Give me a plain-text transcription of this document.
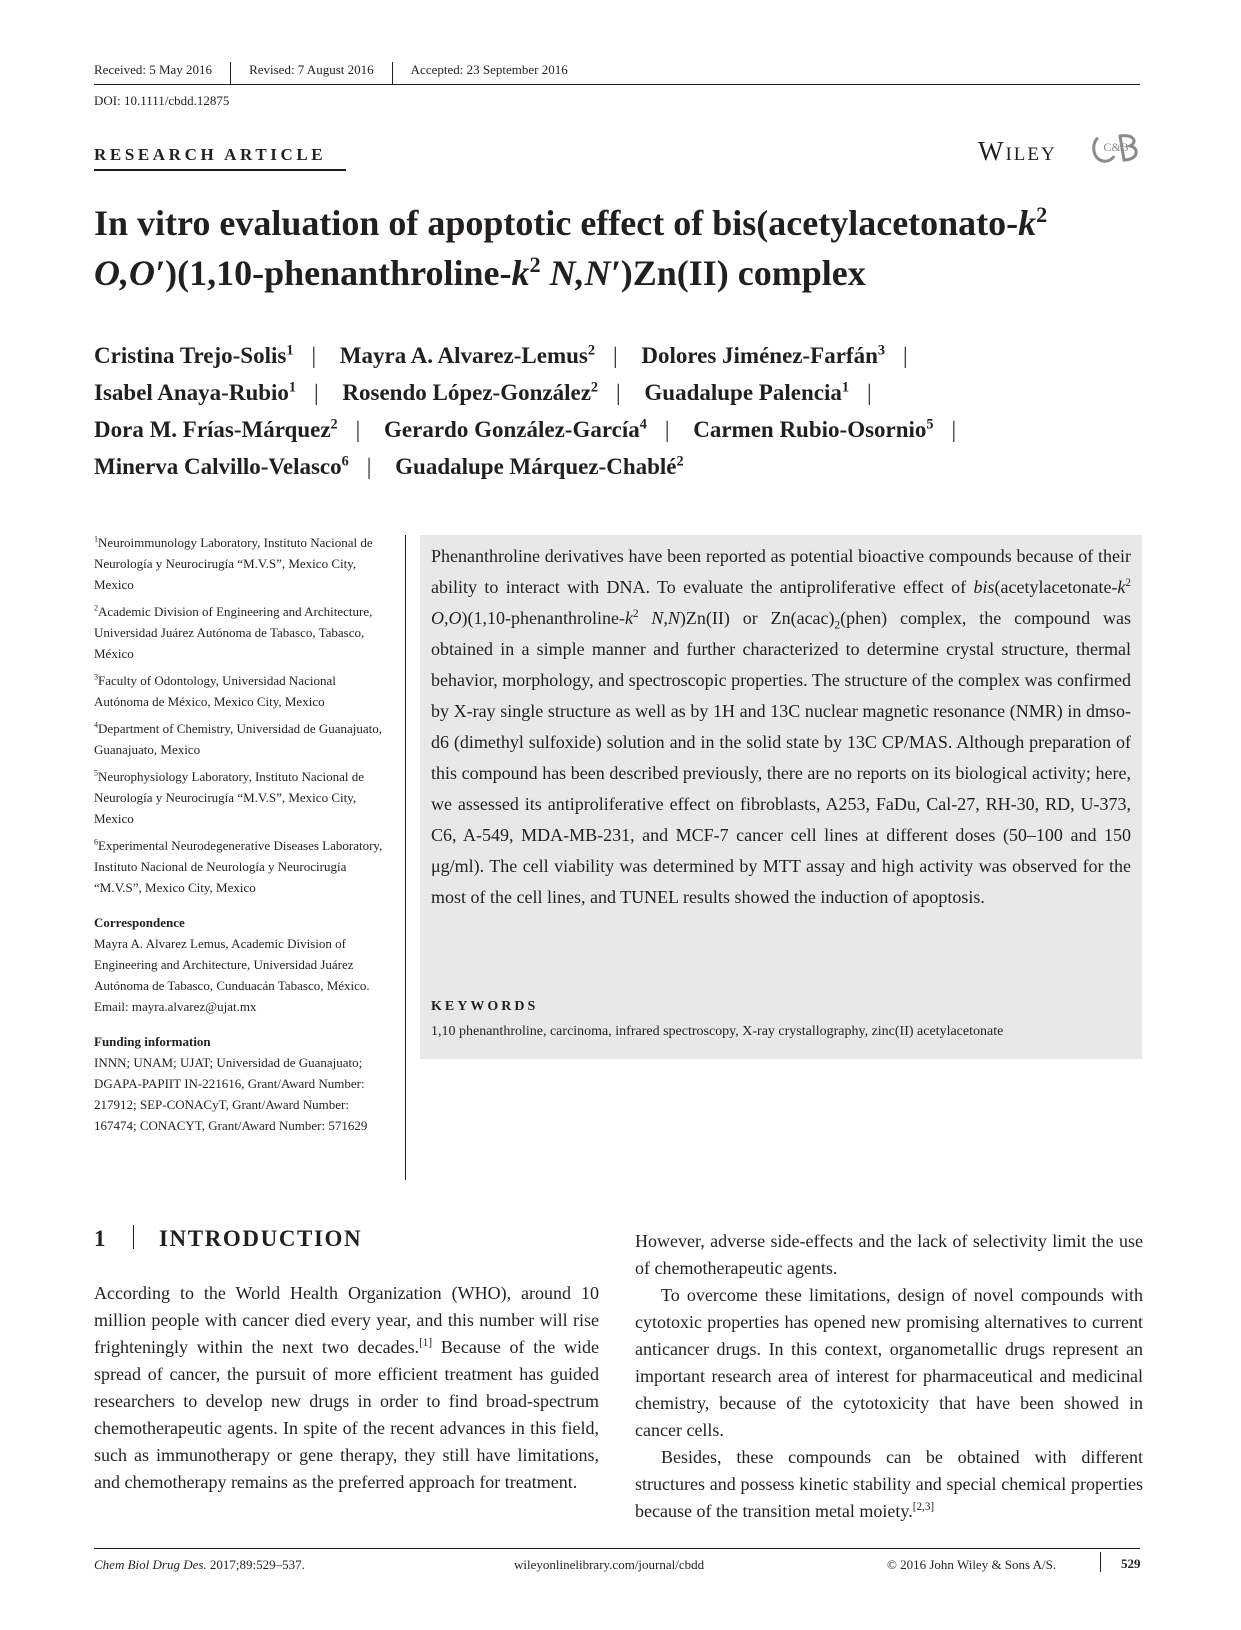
Received: 5 May 2016	Revised: 7 August 2016	Accepted: 23 September 2016
DOI: 10.1111/cbdd.12875
RESEARCH ARTICLE	Wiley	C&B
In vitro evaluation of apoptotic effect of $bis(acetylacetonato-k^2$
$O,O')(1,10-phenanthroline-k^2$ N,N′)Zn(II) complex
Cristina Trejo-Solis$^1$ | Mayra A. Alvarez-Lemus$^2$ | Dolores Jiménez-Farfán$^3$ |
Isabel Anaya-Rubio$^1$ | Rosendo López-González$^2$ | Guadalupe Palencia$^1$ |
Dora M. Frías-Márquez$^2$ | Gerardo González-García$^4$ | Carmen Rubio-Osornio$^5$ |
Minerva Calvillo-Velasco$^6$ | Guadalupe Márquez-Chablé$^2$
$^1$Neuroimmunology Laboratory, Instituto Nacional de Neurología y Neurocirugía “M.V.S”, Mexico City, Mexico
$^2$Academic Division of Engineering and Architecture, Universidad Juárez Autónoma de Tabasco, Tabasco, México
$^3$Faculty of Odontology, Universidad Nacional Autónoma de México, Mexico City, Mexico
$^4$Department of Chemistry, Universidad de Guanajuato, Guanajuato, Mexico
$^5$Neurophysiology Laboratory, Instituto Nacional de Neurología y Neurocirugía “M.V.S”, Mexico City, Mexico
$^6$Experimental Neurodegenerative Diseases Laboratory, Instituto Nacional de Neurología y Neurocirugía “M.V.S”, Mexico City, Mexico
Correspondence
Mayra A. Alvarez Lemus, Academic Division of Engineering and Architecture, Universidad Juárez Autónoma de Tabasco, Cunduacán Tabasco, México.
Email: mayra.alvarez@ujat.mx
Funding information
INNN; UNAM; UJAT; Universidad de Guanajuato; DGAPA-PAPIIT IN-221616, Grant/Award Number: 217912; SEP-CONACyT, Grant/Award Number: 167474; CONACYT, Grant/Award Number: 571629
Phenanthroline derivatives have been reported as potential bioactive compounds because of their ability to interact with DNA. To evaluate the antiproliferative effect of $bis(acetylacetonate-k^2$ $O,O)(1,10-phenanthroline-k^2$ N,N)Zn(II) or $Zn(acac)_2(phen)$ complex, the compound was obtained in a simple manner and further characterized to determine crystal structure, thermal behavior, morphology, and spectroscopic properties. The structure of the complex was confirmed by X-ray single structure as well as by 1H and 13C nuclear magnetic resonance (NMR) in dmso-d6 (dimethyl sulfoxide) solution and in the solid state by 13C CP/MAS. Although preparation of this compound has been described previously, there are no reports on its biological activity; here, we assessed its antiproliferative effect on fibroblasts, A253, FaDu, Cal-27, RH-30, RD, U-373, C6, A-549, MDA-MB-231, and MCF-7 cancer cell lines at different doses (50–100 and 150 μg/ml). The cell viability was determined by MTT assay and high activity was observed for the most of the cell lines, and TUNEL results showed the induction of apoptosis.
KEYWORDS
1,10 phenanthroline, carcinoma, infrared spectroscopy, X-ray crystallography, zinc(II) acetylacetonate
1 INTRODUCTION

According to the World Health Organization (WHO), around 10 million people with cancer died every year, and this number will rise frighteningly within the next two decades.[1] Because of the wide spread of cancer, the pursuit of more efficient treatment has guided researchers to develop new drugs in order to find broad-spectrum chemotherapeutic agents. In spite of the recent advances in this field, such as immunotherapy or gene therapy, they still have limitations, and chemotherapy remains as the preferred approach for treatment.

However, adverse side-effects and the lack of selectivity limit the use of chemotherapeutic agents.

To overcome these limitations, design of novel compounds with cytotoxic properties has opened new promising alternatives to current anticancer drugs. In this context, organometallic drugs represent an important research area of interest for pharmaceutical and medicinal chemistry, because of the cytotoxicity that have been showed in cancer cells.

Besides, these compounds can be obtained with different structures and possess kinetic stability and special chemical properties because of the transition metal moiety.[2,3]

Chem Biol Drug Des. 2017;89:529–537.	wileyonlinelibrary.com/journal/cbdd	© 2016 John Wiley & Sons A/S.	529
